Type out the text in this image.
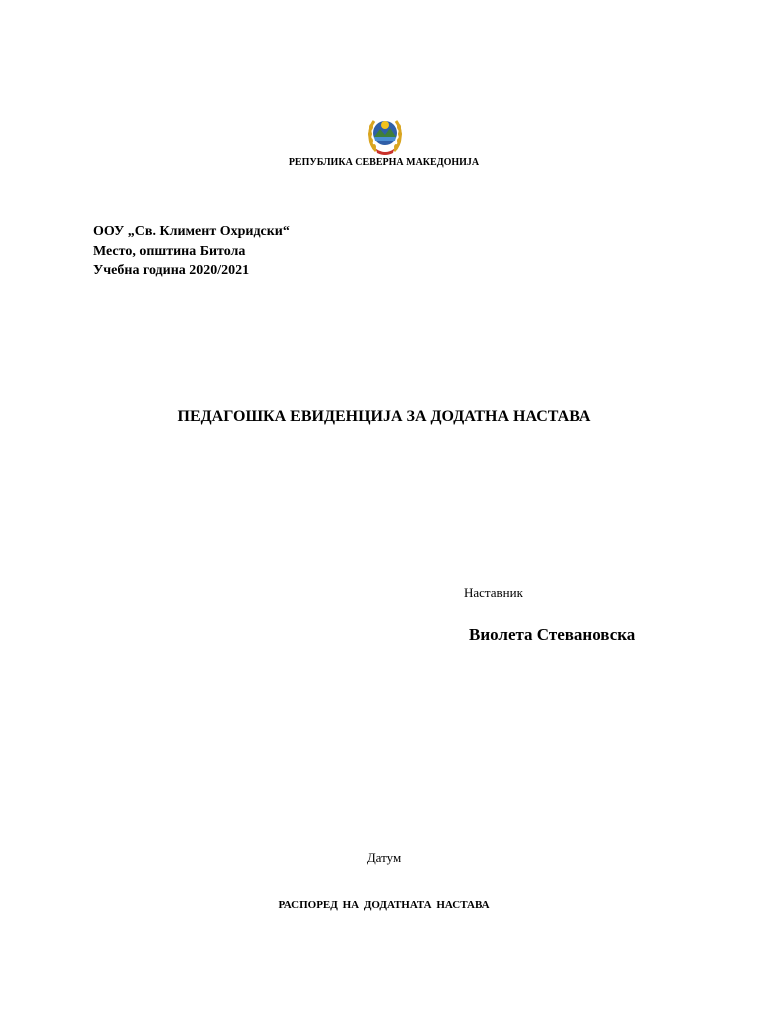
РЕПУБЛИКА СЕВЕРНА МАКЕДОНИЈА
ООУ „Св. Климент Охридски“
Место, општина Битола
Учебна година 2020/2021
ПЕДАГОШКА ЕВИДЕНЦИЈА ЗА ДОДАТНА НАСТАВА
Наставник
Виолета Стевановска
Датум
РАСПОРЕД НА ДОДАТНАТА НАСТАВА
